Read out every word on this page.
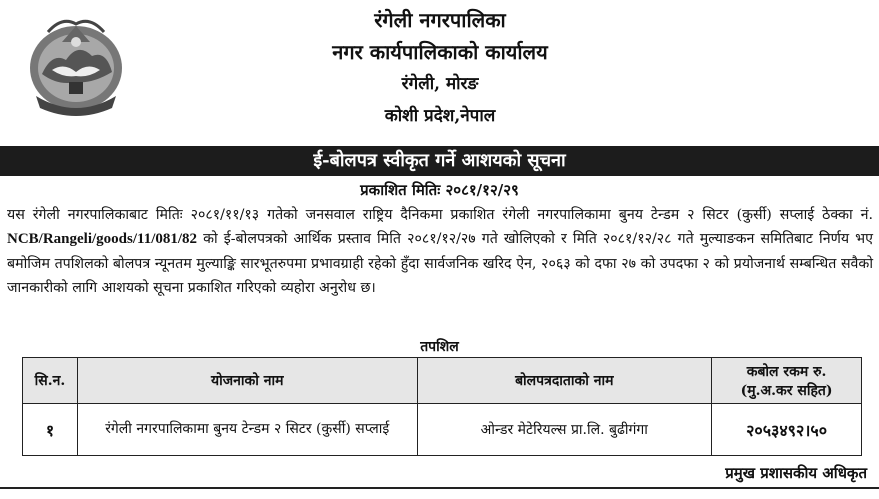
रंगेली नगरपालिका
नगर कार्यपालिकाको कार्यालय
रंगेली, मोरङ
कोशी प्रदेश,नेपाल
ई-बोलपत्र स्वीकृत गर्ने आशयको सूचना
प्रकाशित मितिः २०८१/१२/२९
यस रंगेली नगरपालिकाबाट मितिः २०८१/११/१३ गतेको जनसवाल राष्ट्रिय दैनिकमा प्रकाशित रंगेली नगरपालिकामा बुनय टेन्डम २ सिटर (कुर्सी) सप्लाई ठेक्का नं. NCB/Rangeli/goods/11/081/82 को ई-बोलपत्रको आर्थिक प्रस्ताव मिति २०८१/१२/२७ गते खोलिएको र मिति २०८१/१२/२८ गते मुल्याङकन समितिबाट निर्णय भए बमोजिम तपशिलको बोलपत्र न्यूनतम मुल्याङ्कि सारभूतरुपमा प्रभावग्राही रहेको हुँदा सार्वजनिक खरिद ऐन, २०६३ को दफा २७ को उपदफा २ को प्रयोजनार्थ सम्बन्धित सवैको जानकारीको लागि आशयको सूचना प्रकाशित गरिएको व्यहोरा अनुरोध छ।
तपशिल
सि.न.	योजनाको नाम	बोलपत्रदाताको नाम	कबोल रकम रु.
(मु.अ.कर सहित)

१	रंगेली नगरपालिकामा बुनय टेन्डम २ सिटर (कुर्सी) सप्लाई	ओन्डर मेटेरियल्स प्रा.लि. बुढीगंगा	२०५३४९२।५०
प्रमुख प्रशासकीय अधिकृत
